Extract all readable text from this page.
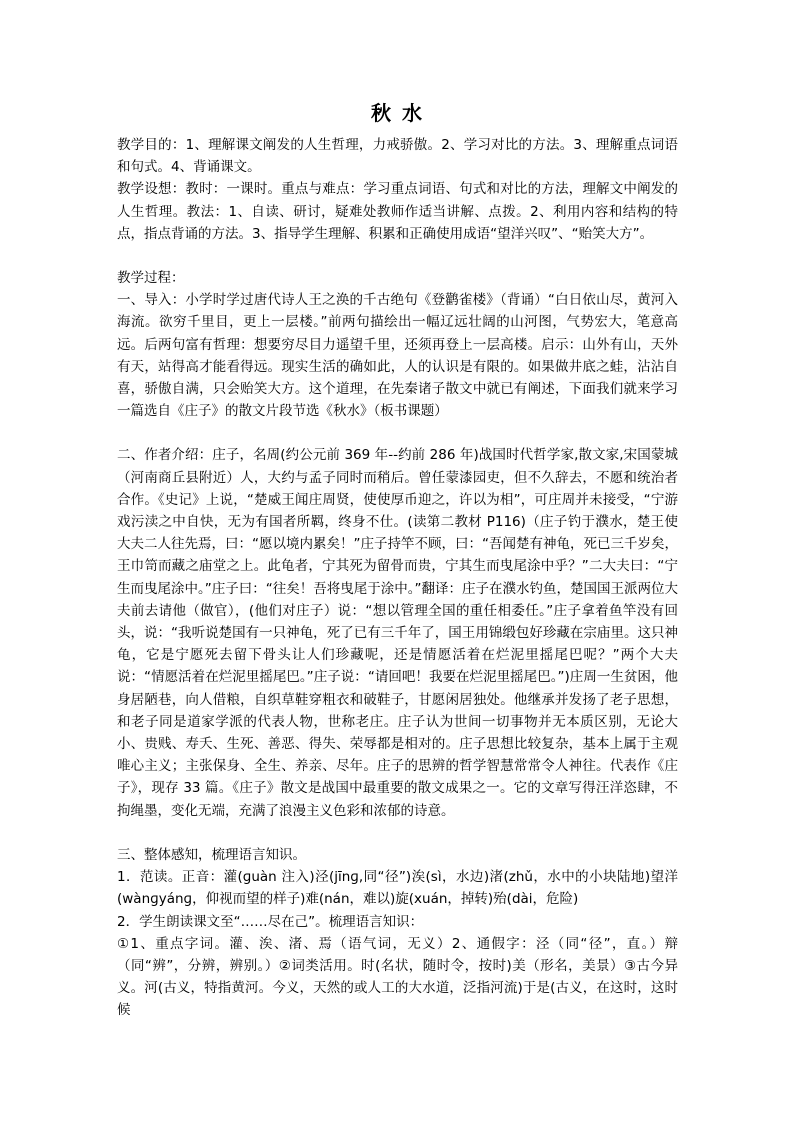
秋 水

教学目的：1、理解课文阐发的人生哲理，力戒骄傲。2、学习对比的方法。3、理解重点词语和句式。4、背诵课文。

教学设想：教时：一课时。重点与难点：学习重点词语、句式和对比的方法，理解文中阐发的人生哲理。教法：1、自读、研讨，疑难处教师作适当讲解、点拨。2、利用内容和结构的特点，指点背诵的方法。3、指导学生理解、积累和正确使用成语“望洋兴叹”、“贻笑大方”。

教学过程：

一、导入：小学时学过唐代诗人王之涣的千古绝句《登鹳雀楼》（背诵）“白日依山尽，黄河入海流。欲穷千里目，更上一层楼。”前两句描绘出一幅辽远壮阔的山河图，气势宏大，笔意高远。后两句富有哲理：想要穷尽目力遥望千里，还须再登上一层高楼。启示：山外有山，天外有天，站得高才能看得远。现实生活的确如此，人的认识是有限的。如果做井底之蛙，沾沾自喜，骄傲自满，只会贻笑大方。这个道理，在先秦诸子散文中就已有阐述，下面我们就来学习一篇选自《庄子》的散文片段节选《秋水》（板书课题）

二、作者介绍：庄子，名周(约公元前 369 年--约前 286 年)战国时代哲学家,散文家,宋国蒙城（河南商丘县附近）人，大约与孟子同时而稍后。曾任蒙漆园吏，但不久辞去，不愿和统治者合作。《史记》上说，“楚威王闻庄周贤，使使厚币迎之，许以为相”，可庄周并未接受，“宁游戏污渎之中自快，无为有国者所羁，终身不仕。(读第二教材 P116)（庄子钓于濮水，楚王使大夫二人往先焉，曰：“愿以境内累矣！”庄子持竿不顾，曰：“吾闻楚有神龟，死已三千岁矣，王巾笥而藏之庙堂之上。此龟者，宁其死为留骨而贵，宁其生而曳尾涂中乎？”二大夫曰：“宁生而曳尾涂中。”庄子曰：“往矣！吾将曳尾于涂中。”翻译：庄子在濮水钓鱼，楚国国王派两位大夫前去请他（做官），(他们对庄子）说：“想以管理全国的重任相委任。”庄子拿着鱼竿没有回头，说：“我听说楚国有一只神龟，死了已有三千年了，国王用锦缎包好珍藏在宗庙里。这只神龟，它是宁愿死去留下骨头让人们珍藏呢，还是情愿活着在烂泥里摇尾巴呢？”两个大夫说：“情愿活着在烂泥里摇尾巴。”庄子说：“请回吧！我要在烂泥里摇尾巴。”)庄周一生贫困，他身居陋巷，向人借粮，自织草鞋穿粗衣和破鞋子，甘愿闲居独处。他继承并发扬了老子思想，和老子同是道家学派的代表人物，世称老庄。庄子认为世间一切事物并无本质区别，无论大小、贵贱、寿夭、生死、善恶、得失、荣辱都是相对的。庄子思想比较复杂，基本上属于主观唯心主义；主张保身、全生、养亲、尽年。庄子的思辨的哲学智慧常常令人神往。代表作《庄子》，现存 33 篇。《庄子》散文是战国中最重要的散文成果之一。它的文章写得汪洋恣肆，不拘绳墨，变化无端，充满了浪漫主义色彩和浓郁的诗意。

三、整体感知，梳理语言知识。

1．范读。正音：灌(ɡuàn 注入)泾(jīnɡ,同“径”)涘(sì，水边)渚(zhǔ，水中的小块陆地)望洋(wànɡyánɡ，仰视而望的样子)难(nán，难以)旋(xuán，掉转)殆(dài，危险)

2．学生朗读课文至“……尽在己”。梳理语言知识：

①1、重点字词。灌、涘、渚、焉（语气词，无义）2、通假字：泾（同“径”，直。）辩（同“辨”，分辨，辨别。）②词类活用。时(名状，随时令，按时)美（形名，美景）③古今异义。河(古义，特指黄河。今义，天然的或人工的大水道，泛指河流)于是(古义，在这时，这时候
